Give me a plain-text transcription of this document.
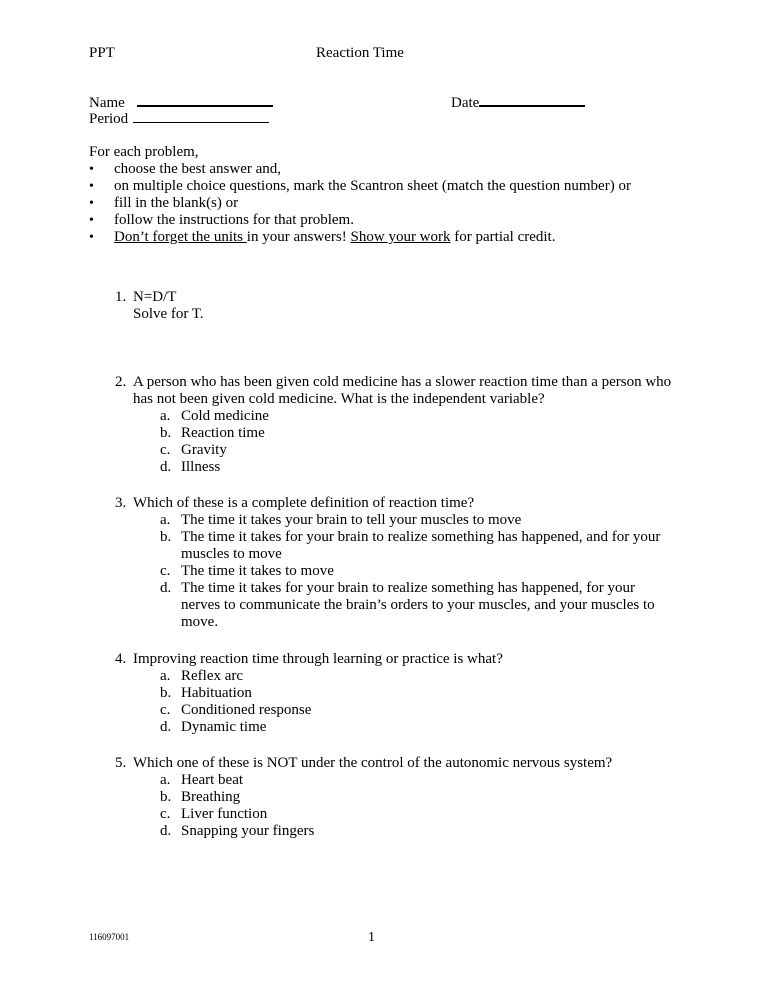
PPT	Reaction Time
Name	Date
Period
For each problem,
•
choose the best answer and,
•
on multiple choice questions, mark the Scantron sheet (match the question number) or
•
fill in the blank(s) or
•
follow the instructions for that problem.
•
Don’t forget the units in your answers! Show your work for partial credit.
1. N=D/T
Solve for T.
2. A person who has been given cold medicine has a slower reaction time than a person who
has not been given cold medicine. What is the independent variable?
a. Cold medicine
b. Reaction time
c. Gravity
d. Illness
3. Which of these is a complete definition of reaction time?
a. The time it takes your brain to tell your muscles to move
b. The time it takes for your brain to realize something has happened, and for your
muscles to move
c. The time it takes to move
d. The time it takes for your brain to realize something has happened, for your
nerves to communicate the brain’s orders to your muscles, and your muscles to
move.
4. Improving reaction time through learning or practice is what?
a. Reflex arc
b. Habituation
c. Conditioned response
d. Dynamic time
5. Which one of these is NOT under the control of the autonomic nervous system?
a. Heart beat
b. Breathing
c. Liver function
d. Snapping your fingers
116097001	1
